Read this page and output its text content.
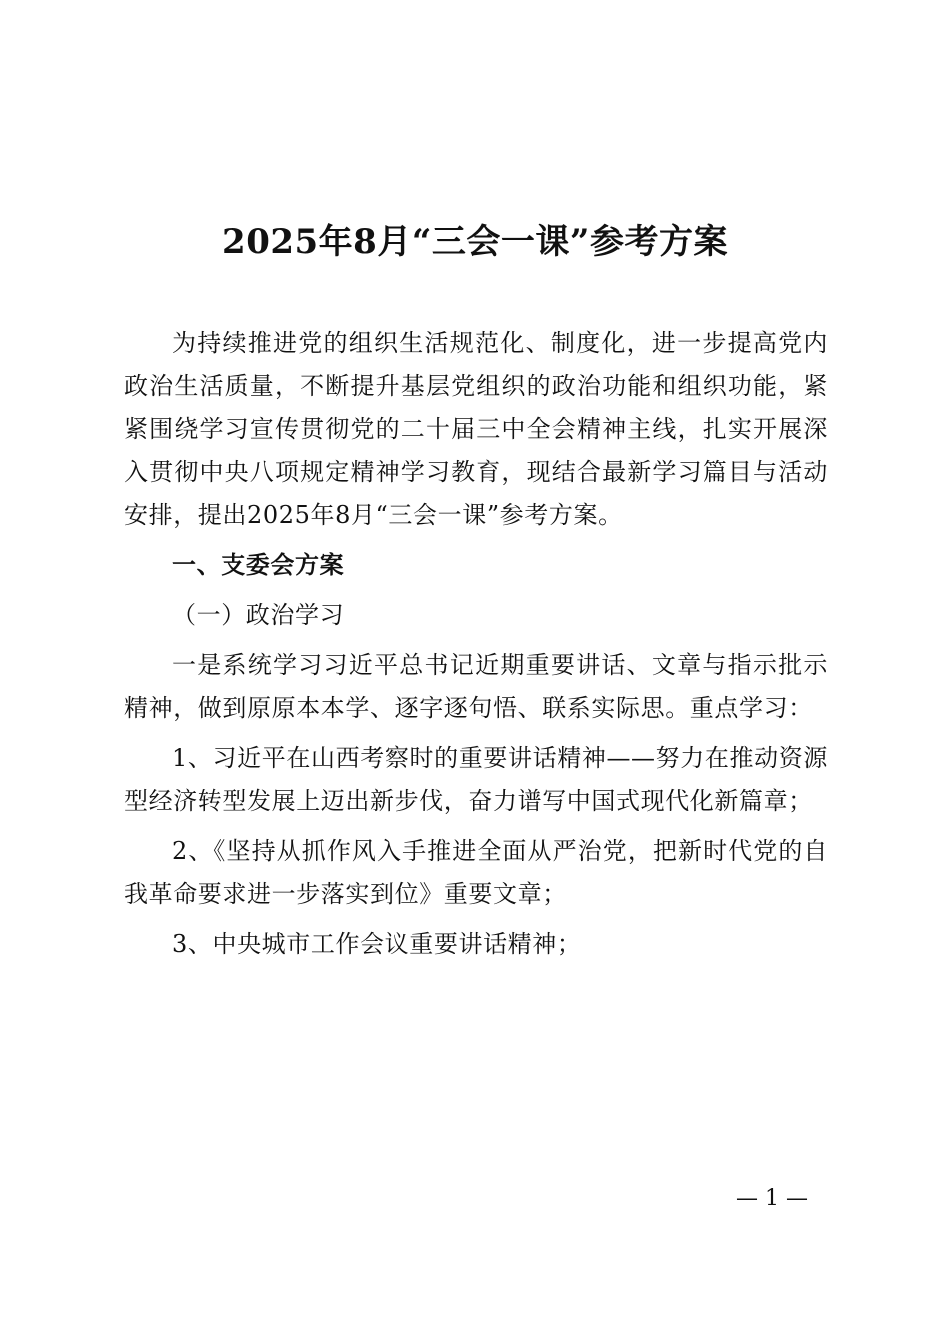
2025年8月“三会一课”参考方案

为持续推进党的组织生活规范化、制度化，进一步提高党内政治生活质量，不断提升基层党组织的政治功能和组织功能，紧紧围绕学习宣传贯彻党的二十届三中全会精神主线，扎实开展深入贯彻中央八项规定精神学习教育，现结合最新学习篇目与活动安排，提出2025年8月“三会一课”参考方案。

一、支委会方案

（一）政治学习

一是系统学习习近平总书记近期重要讲话、文章与指示批示精神，做到原原本本学、逐字逐句悟、联系实际思。重点学习：

1、习近平在山西考察时的重要讲话精神——努力在推动资源型经济转型发展上迈出新步伐，奋力谱写中国式现代化新篇章；

2、《坚持从抓作风入手推进全面从严治党，把新时代党的自我革命要求进一步落实到位》重要文章；

3、中央城市工作会议重要讲话精神；

— 1 —
